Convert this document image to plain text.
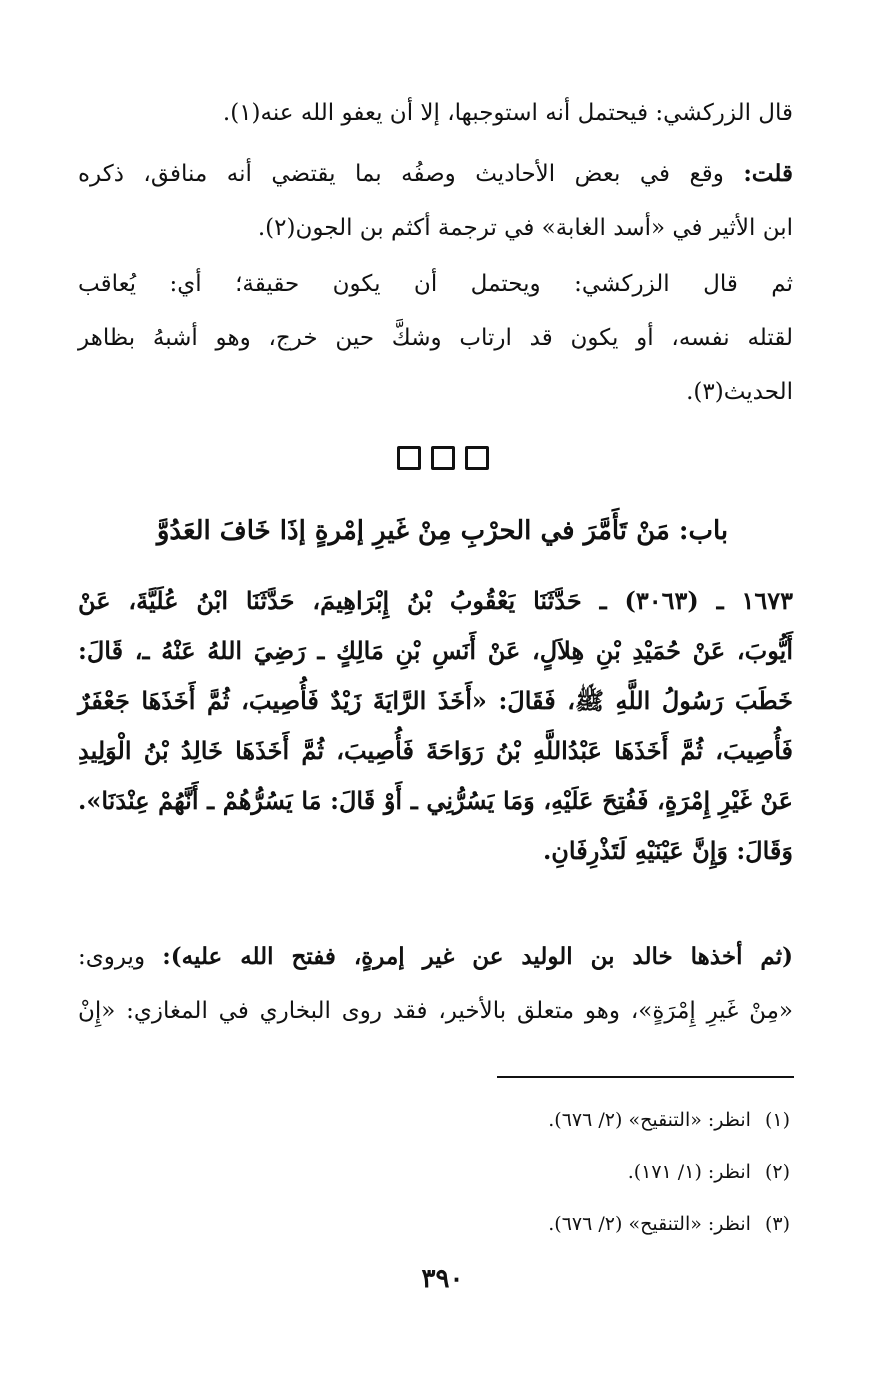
قال الزركشي: فيحتمل أنه استوجبها، إلا أن يعفو الله عنه(١).
قلت: وقع في بعض الأحاديث وصفُه بما يقتضي أنه منافق، ذكره
ابن الأثير في «أسد الغابة» في ترجمة أكثم بن الجون(٢).
ثم قال الزركشي: ويحتمل أن يكون حقيقة؛ أي: يُعاقب
لقتله نفسه، أو يكون قد ارتاب وشكَّ حين خرج، وهو أشبهُ بظاهر
الحديث(٣).
باب: مَنْ تَأَمَّرَ في الحرْبِ مِنْ غَيرِ إمْرةٍ إذَا خَافَ العَدُوَّ
١٦٧٣ ـ (٣٠٦٣) ـ حَدَّثَنَا يَعْقُوبُ بْنُ إِبْرَاهِيمَ، حَدَّثَنَا ابْنُ عُلَيَّةَ، عَنْ
أَيُّوبَ، عَنْ حُمَيْدِ بْنِ هِلاَلٍ، عَنْ أَنَسِ بْنِ مَالِكٍ ـ رَضِيَ اللهُ عَنْهُ ـ، قَالَ:
خَطَبَ رَسُولُ اللَّهِ ﷺ، فَقَالَ: «أَخَذَ الرَّايَةَ زَيْدٌ فَأُصِيبَ، ثُمَّ أَخَذَهَا جَعْفَرٌ
فَأُصِيبَ، ثُمَّ أَخَذَهَا عَبْدُاللَّهِ بْنُ رَوَاحَةَ فَأُصِيبَ، ثُمَّ أَخَذَهَا خَالِدُ بْنُ الْوَلِيدِ
عَنْ غَيْرِ إِمْرَةٍ، فَفُتِحَ عَلَيْهِ، وَمَا يَسُرُّنِي ـ أَوْ قَالَ: مَا يَسُرُّهُمْ ـ أَنَّهُمْ عِنْدَنَا».
وَقَالَ: وَإِنَّ عَيْنَيْهِ لَتَذْرِفَانِ.
(ثم أخذها خالد بن الوليد عن غير إمرةٍ، ففتح الله عليه): ويروى:
«مِنْ غَيرِ إِمْرَةٍ»، وهو متعلق بالأخير، فقد روى البخاري في المغازي: «إِنْ
(١)انظر: «التنقيح» (٢/ ٦٧٦).
(٢)انظر: (١/ ١٧١).
(٣)انظر: «التنقيح» (٢/ ٦٧٦).
٣٩٠
